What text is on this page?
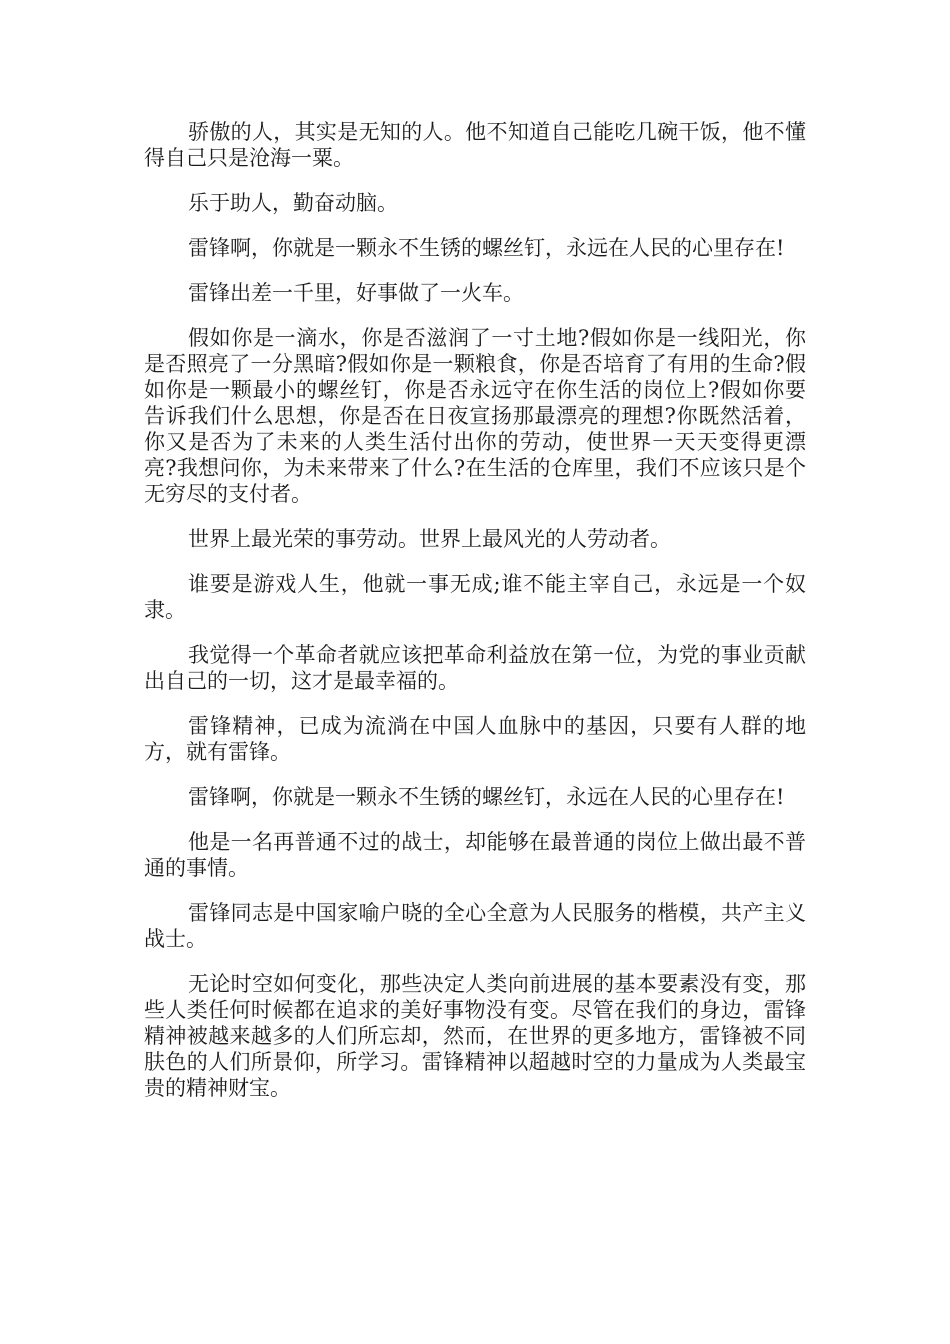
骄傲的人，其实是无知的人。他不知道自己能吃几碗干饭，他不懂得自己只是沧海一粟。

乐于助人，勤奋动脑。

雷锋啊，你就是一颗永不生锈的螺丝钉，永远在人民的心里存在!

雷锋出差一千里，好事做了一火车。

假如你是一滴水，你是否滋润了一寸土地?假如你是一线阳光，你是否照亮了一分黑暗?假如你是一颗粮食，你是否培育了有用的生命?假如你是一颗最小的螺丝钉，你是否永远守在你生活的岗位上?假如你要告诉我们什么思想，你是否在日夜宣扬那最漂亮的理想?你既然活着，你又是否为了未来的人类生活付出你的劳动，使世界一天天变得更漂亮?我想问你，为未来带来了什么?在生活的仓库里，我们不应该只是个无穷尽的支付者。

世界上最光荣的事劳动。世界上最风光的人劳动者。

谁要是游戏人生，他就一事无成;谁不能主宰自己，永远是一个奴隶。

我觉得一个革命者就应该把革命利益放在第一位，为党的事业贡献出自己的一切，这才是最幸福的。

雷锋精神，已成为流淌在中国人血脉中的基因，只要有人群的地方，就有雷锋。

雷锋啊，你就是一颗永不生锈的螺丝钉，永远在人民的心里存在!

他是一名再普通不过的战士，却能够在最普通的岗位上做出最不普通的事情。

雷锋同志是中国家喻户晓的全心全意为人民服务的楷模，共产主义战士。

无论时空如何变化，那些决定人类向前进展的基本要素没有变，那些人类任何时候都在追求的美好事物没有变。尽管在我们的身边，雷锋精神被越来越多的人们所忘却，然而，在世界的更多地方，雷锋被不同肤色的人们所景仰，所学习。雷锋精神以超越时空的力量成为人类最宝贵的精神财宝。
